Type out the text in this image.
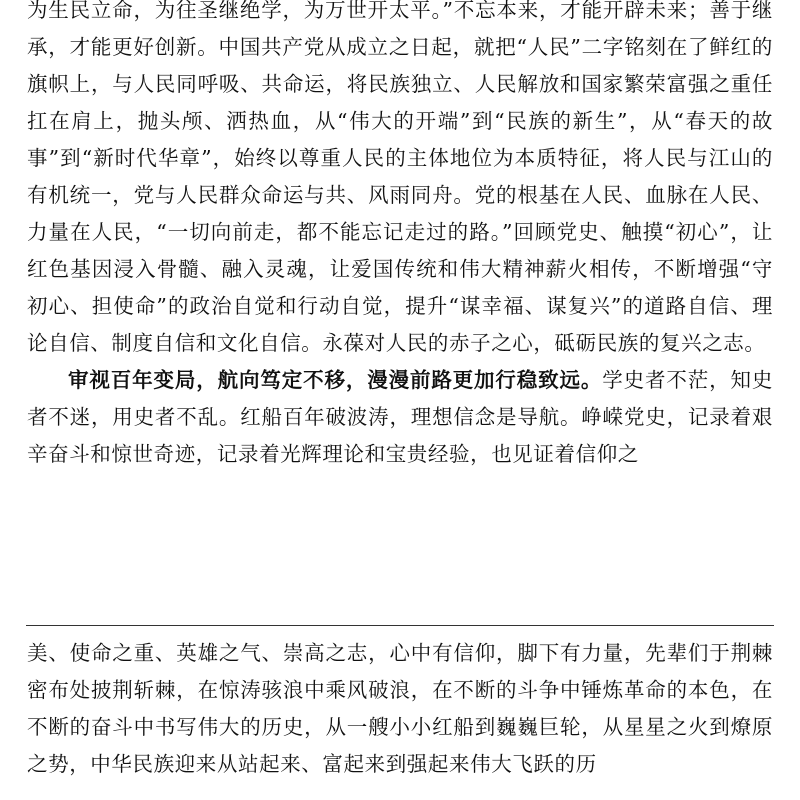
为生民立命，为往圣继绝学，为万世开太平。”不忘本来，才能开辟未来；善于继承，才能更好创新。中国共产党从成立之日起，就把“人民”二字铭刻在了鲜红的旗帜上，与人民同呼吸、共命运，将民族独立、人民解放和国家繁荣富强之重任扛在肩上，抛头颅、洒热血，从“伟大的开端”到“民族的新生”，从“春天的故事”到“新时代华章”，始终以尊重人民的主体地位为本质特征，将人民与江山的有机统一，党与人民群众命运与共、风雨同舟。党的根基在人民、血脉在人民、力量在人民，“一切向前走，都不能忘记走过的路。”回顾党史、触摸“初心”，让红色基因浸入骨髓、融入灵魂，让爱国传统和伟大精神薪火相传，不断增强“守初心、担使命”的政治自觉和行动自觉，提升“谋幸福、谋复兴”的道路自信、理论自信、制度自信和文化自信。永葆对人民的赤子之心，砥砺民族的复兴之志。

审视百年变局，航向笃定不移，漫漫前路更加行稳致远。学史者不茫，知史者不迷，用史者不乱。红船百年破波涛，理想信念是导航。峥嵘党史，记录着艰辛奋斗和惊世奇迹，记录着光辉理论和宝贵经验，也见证着信仰之

美、使命之重、英雄之气、崇高之志，心中有信仰，脚下有力量，先辈们于荆棘密布处披荆斩棘，在惊涛骇浪中乘风破浪，在不断的斗争中锤炼革命的本色，在不断的奋斗中书写伟大的历史，从一艘小小红船到巍巍巨轮，从星星之火到燎原之势，中华民族迎来从站起来、富起来到强起来伟大飞跃的历
